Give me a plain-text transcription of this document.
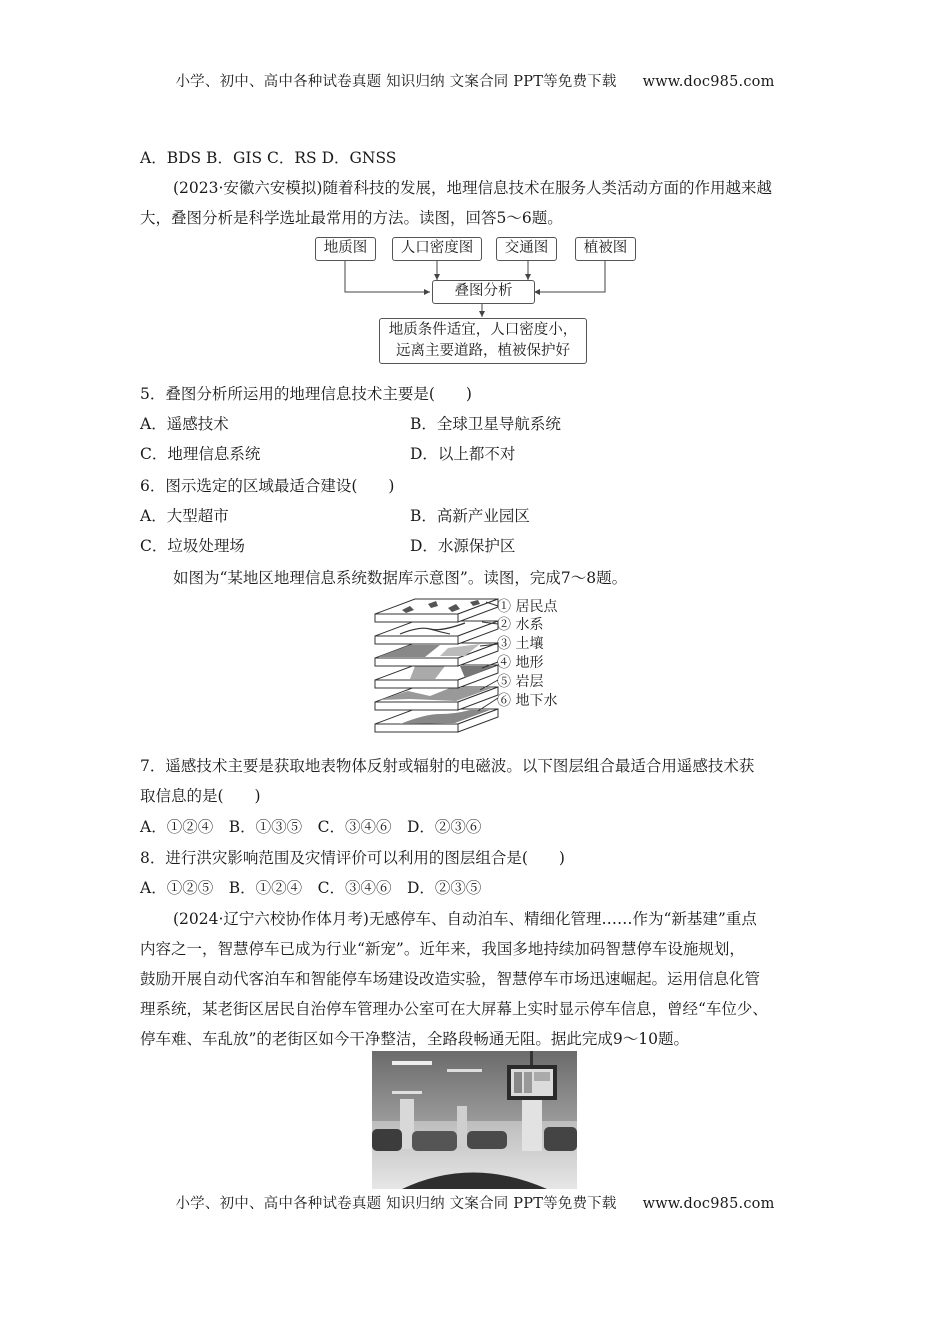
小学、初中、高中各种试卷真题 知识归纳 文案合同 PPT等免费下载 www.doc985.com
A．BDS B．GIS C．RS D．GNSS
(2023·安徽六安模拟)随着科技的发展，地理信息技术在服务人类活动方面的作用越来越
大，叠图分析是科学选址最常用的方法。读图，回答5～6题。
地质图	人口密度图	交通图	植被图
叠图分析
地质条件适宜，人口密度小，
远离主要道路，植被保护好
5．叠图分析所运用的地理信息技术主要是(　　)
A．遥感技术	B．全球卫星导航系统
C．地理信息系统	D．以上都不对
6．图示选定的区域最适合建设(　　)
A．大型超市	B．高新产业园区
C．垃圾处理场	D．水源保护区
如图为“某地区地理信息系统数据库示意图”。读图，完成7～8题。
① 居民点
② 水系
③ 土壤
④ 地形
⑤ 岩层
⑥ 地下水
7．遥感技术主要是获取地表物体反射或辐射的电磁波。以下图层组合最适合用遥感技术获
取信息的是(　　)
A．①②④　B．①③⑤　C．③④⑥　D．②③⑥
8．进行洪灾影响范围及灾情评价可以利用的图层组合是(　　)
A．①②⑤　B．①②④　C．③④⑥　D．②③⑤
(2024·辽宁六校协作体月考)无感停车、自动泊车、精细化管理……作为“新基建”重点
内容之一，智慧停车已成为行业“新宠”。近年来，我国多地持续加码智慧停车设施规划，
鼓励开展自动代客泊车和智能停车场建设改造实验，智慧停车市场迅速崛起。运用信息化管
理系统，某老街区居民自治停车管理办公室可在大屏幕上实时显示停车信息，曾经“车位少、
停车难、车乱放”的老街区如今干净整洁，全路段畅通无阻。据此完成9～10题。
小学、初中、高中各种试卷真题 知识归纳 文案合同 PPT等免费下载 www.doc985.com
